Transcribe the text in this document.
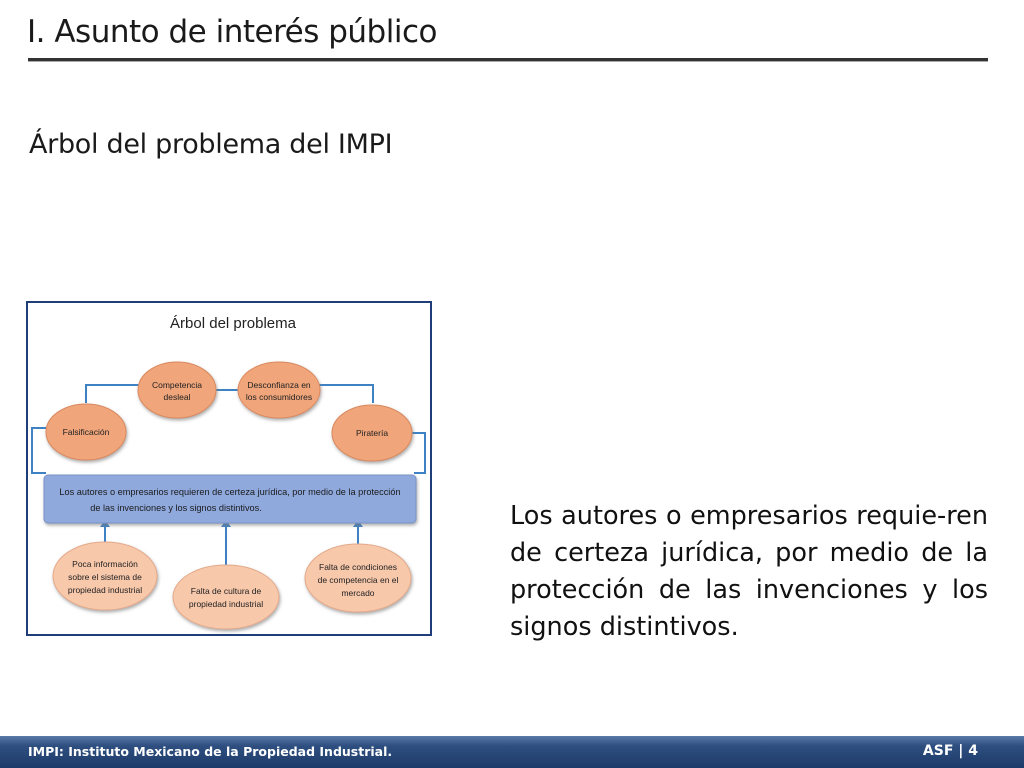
I. Asunto de interés público
Árbol del problema del IMPI
Árbol del problema
Competencia
desleal
Desconfianza en
los consumidores
Falsificación	Piratería
Los autores o empresarios requieren de certeza jurídica, por medio de la protección
de las invenciones y los signos distintivos.
Poca información
sobre el sistema de
propiedad industrial	Falta de cultura de
propiedad industrial
Falta de condiciones
de competencia en el
mercado
Los autores o empresarios requie-ren de certeza jurídica, por medio de la protección de las invenciones y los signos distintivos.
IMPI: Instituto Mexicano de la Propiedad Industrial.	ASF | 4
